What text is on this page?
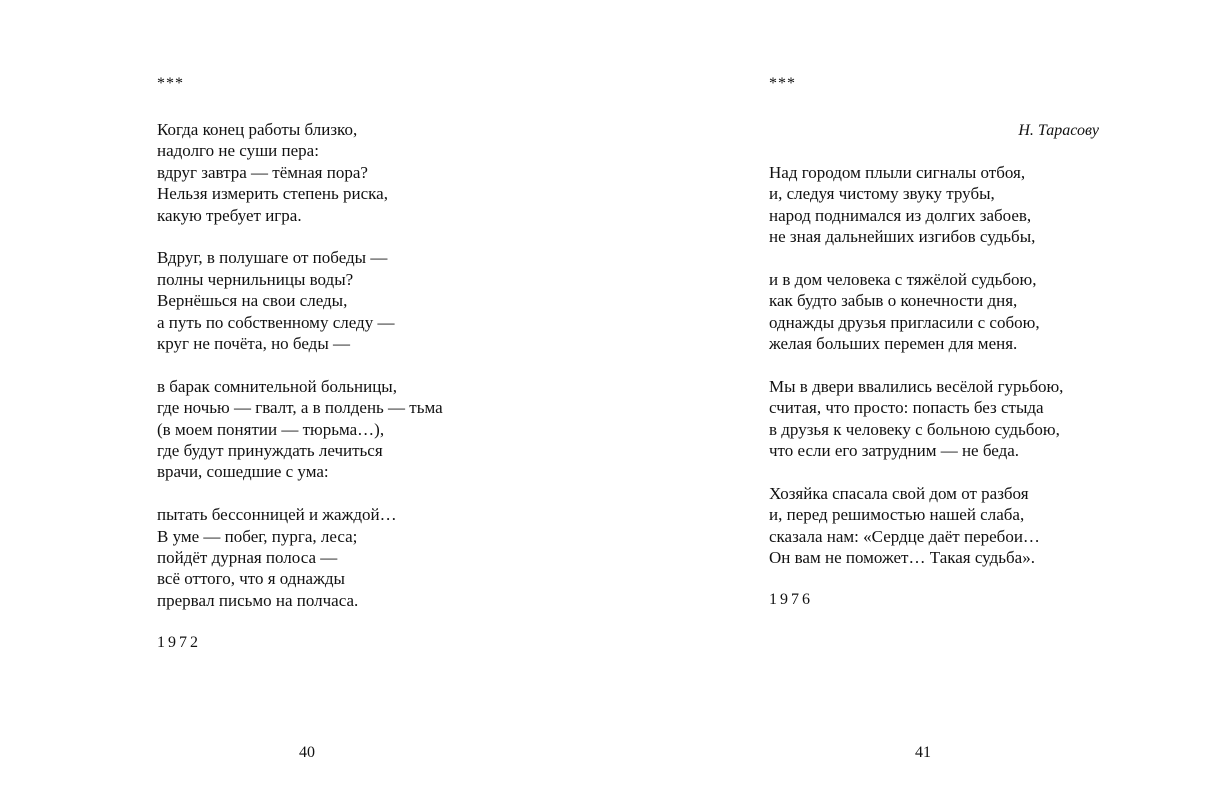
***
Когда конец работы близко,
надолго не суши пера:
вдруг завтра — тёмная пора?
Нельзя измерить степень риска,
какую требует игра.
Вдруг, в полушаге от победы —
полны чернильницы воды?
Вернёшься на свои следы,
а путь по собственному следу —
круг не почёта, но беды —
в барак сомнительной больницы,
где ночью — гвалт, а в полдень — тьма
(в моем понятии — тюрьма…),
где будут принуждать лечиться
врачи, сошедшие с ума:
пытать бессонницей и жаждой…
В уме — побег, пурга, леса;
пойдёт дурная полоса —
всё оттого, что я однажды
прервал письмо на полчаса.
1972
40
***
Н. Тарасову
Над городом плыли сигналы отбоя,
и, следуя чистому звуку трубы,
народ поднимался из долгих забоев,
не зная дальнейших изгибов судьбы,
и в дом человека с тяжёлой судьбою,
как будто забыв о конечности дня,
однажды друзья пригласили с собою,
желая больших перемен для меня.
Мы в двери ввалились весёлой гурьбою,
считая, что просто: попасть без стыда
в друзья к человеку с больною судьбою,
что если его затрудним — не беда.
Хозяйка спасала свой дом от разбоя
и, перед решимостью нашей слаба,
сказала нам: «Сердце даёт перебои…
Он вам не поможет… Такая судьба».
1976
41
